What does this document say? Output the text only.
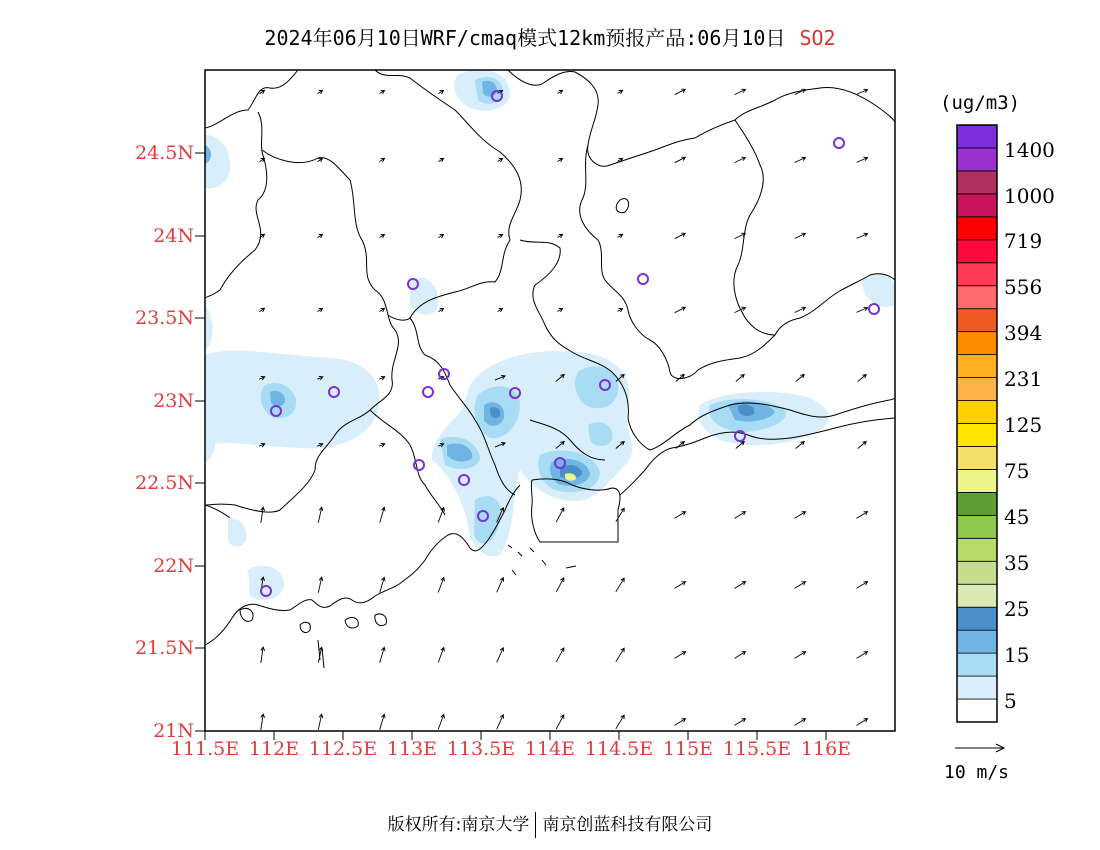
2024年06月10日WRF/cmaq模式12km预报产品:06月10日 SO2
24.5N
24N
23.5N
23N
22.5N
22N
21.5N
21N
111.5E 112E 112.5E 113E 113.5E 114E 114.5E 115E 115.5E 116E
(ug/m3)
5
15
25
35
45
75
125
231
394
556
719
1000
1400
10 m/s
版权所有:南京大学 南京创蓝科技有限公司
